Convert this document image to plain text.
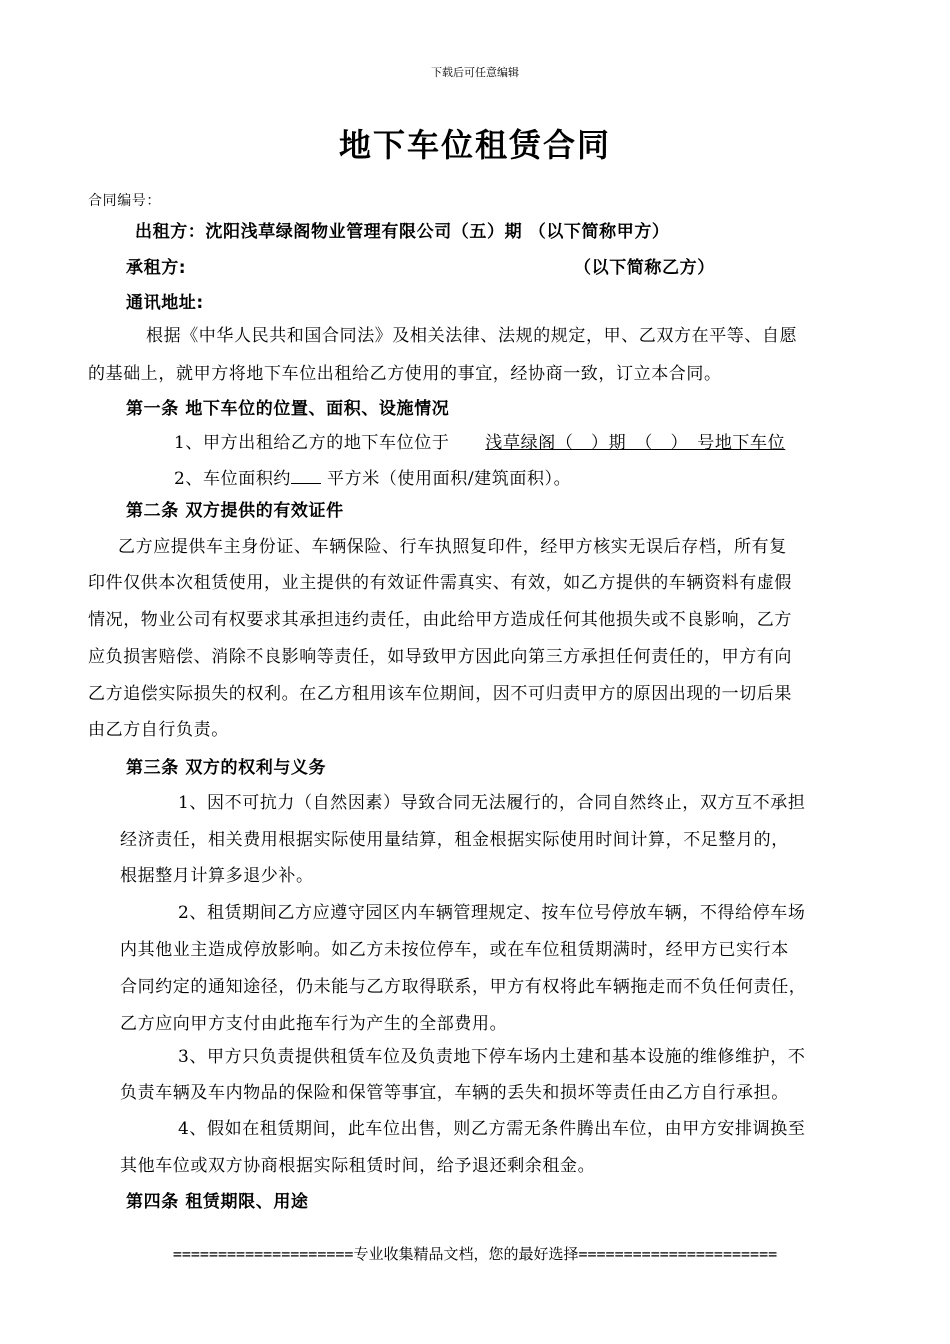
下载后可任意编辑
地下车位租赁合同
合同编号：
出租方：沈阳浅草绿阁物业管理有限公司（五）期 （以下简称甲方）
承租方:	（以下简称乙方）
通讯地址:
根据《中华人民共和国合同法》及相关法律、法规的规定，甲、乙双方在平等、自愿
的基础上，就甲方将地下车位出租给乙方使用的事宜，经协商一致，订立本合同。
第一条 地下车位的位置、面积、设施情况
1、甲方出租给乙方的地下车位位于 浅草绿阁（　）期　（　）　号地下车位
2、车位面积约 平方米（使用面积/建筑面积）。
第二条 双方提供的有效证件
乙方应提供车主身份证、车辆保险、行车执照复印件，经甲方核实无误后存档，所有复
印件仅供本次租赁使用，业主提供的有效证件需真实、有效，如乙方提供的车辆资料有虚假
情况，物业公司有权要求其承担违约责任，由此给甲方造成任何其他损失或不良影响，乙方
应负损害赔偿、消除不良影响等责任，如导致甲方因此向第三方承担任何责任的，甲方有向
乙方追偿实际损失的权利。在乙方租用该车位期间，因不可归责甲方的原因出现的一切后果
由乙方自行负责。
第三条 双方的权利与义务
1、因不可抗力（自然因素）导致合同无法履行的，合同自然终止，双方互不承担
经济责任，相关费用根据实际使用量结算，租金根据实际使用时间计算，不足整月的，
根据整月计算多退少补。
2、租赁期间乙方应遵守园区内车辆管理规定、按车位号停放车辆，不得给停车场
内其他业主造成停放影响。如乙方未按位停车，或在车位租赁期满时，经甲方已实行本
合同约定的通知途径，仍未能与乙方取得联系，甲方有权将此车辆拖走而不负任何责任，
乙方应向甲方支付由此拖车行为产生的全部费用。
3、甲方只负责提供租赁车位及负责地下停车场内土建和基本设施的维修维护，不
负责车辆及车内物品的保险和保管等事宜，车辆的丢失和损坏等责任由乙方自行承担。
4、假如在租赁期间，此车位出售，则乙方需无条件腾出车位，由甲方安排调换至
其他车位或双方协商根据实际租赁时间，给予退还剩余租金。
第四条 租赁期限、用途
====================专业收集精品文档，您的最好选择======================
